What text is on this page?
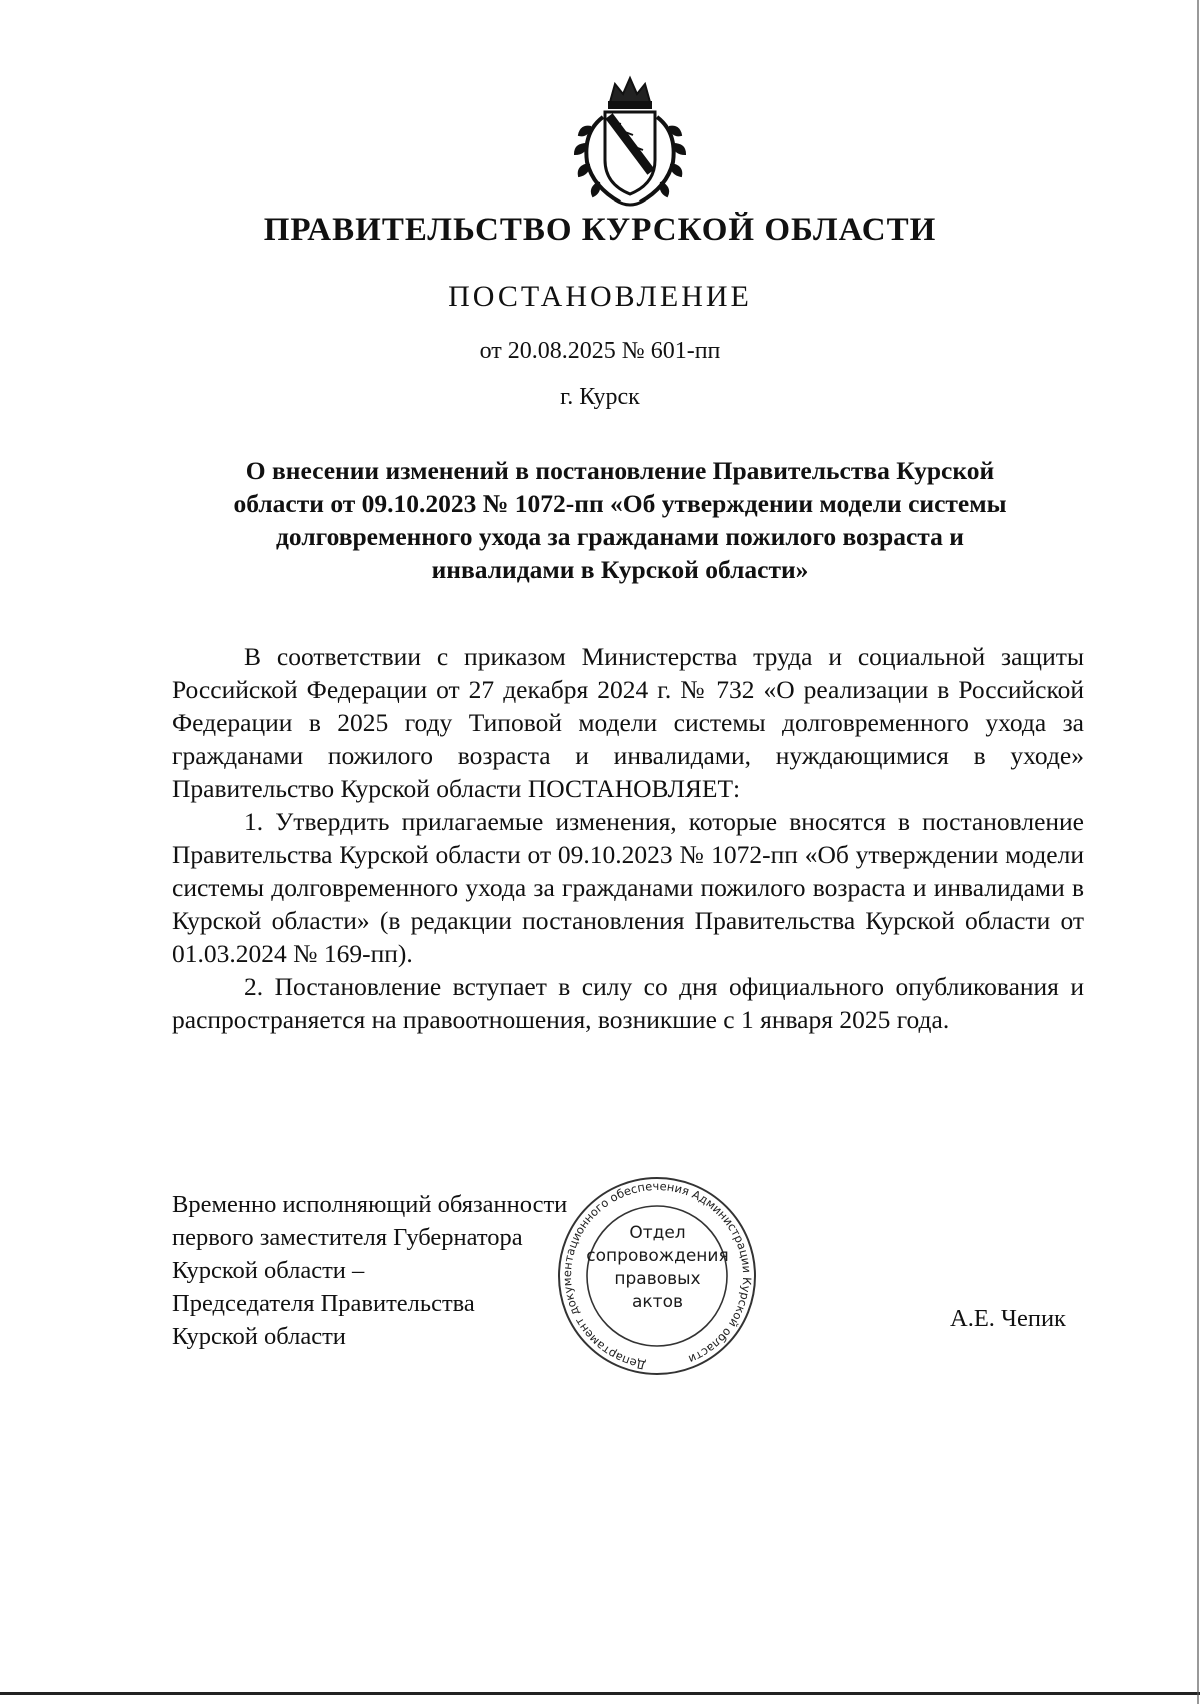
ПРАВИТЕЛЬСТВО КУРСКОЙ ОБЛАСТИ
ПОСТАНОВЛЕНИЕ
от 20.08.2025 № 601-пп
г. Курск
О внесении изменений в постановление Правительства Курской
области от 09.10.2023 № 1072-пп «Об утверждении модели системы
долговременного ухода за гражданами пожилого возраста и
инвалидами в Курской области»

В соответствии с приказом Министерства труда и социальной защиты Российской Федерации от 27 декабря 2024 г. № 732 «О реализации в Российской Федерации в 2025 году Типовой модели системы долговременного ухода за гражданами пожилого возраста и инвалидами, нуждающимися в уходе» Правительство Курской области ПОСТАНОВЛЯЕТ:

1. Утвердить прилагаемые изменения, которые вносятся в постановление Правительства Курской области от 09.10.2023 № 1072-пп «Об утверждении модели системы долговременного ухода за гражданами пожилого возраста и инвалидами в Курской области» (в редакции постановления Правительства Курской области от 01.03.2024 № 169-пп).

2. Постановление вступает в силу со дня официального опубликования и распространяется на правоотношения, возникшие с 1 января 2025 года.

Временно исполняющий обязанности
первого заместителя Губернатора
Курской области –
Председателя Правительства
Курской области
Департамент документационного обеспечения Администрации Курской области
Отдел
сопровождения
правовых
актов
А.Е. Чепик
